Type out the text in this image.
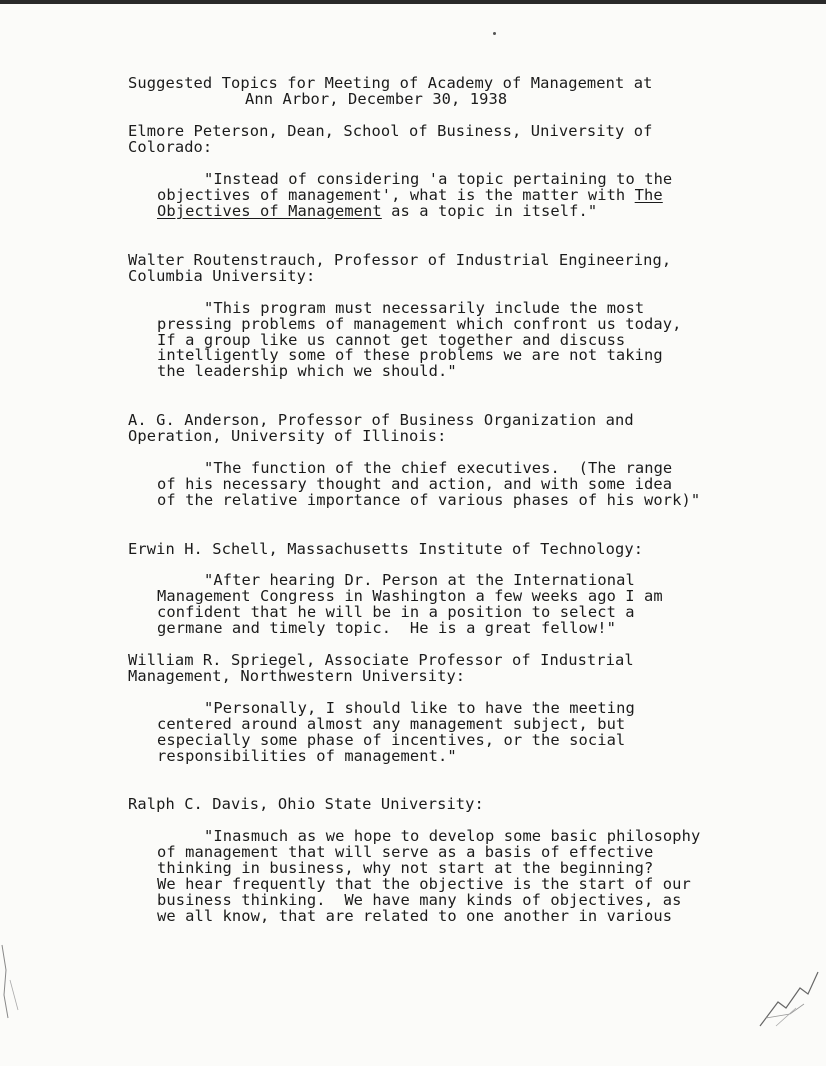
Suggested Topics for Meeting of Academy of Management at
Ann Arbor, December 30, 1938
Elmore Peterson, Dean, School of Business, University of
Colorado:
"Instead of considering 'a topic pertaining to the
objectives of management', what is the matter with The
Objectives of Management as a topic in itself."
Walter Routenstrauch, Professor of Industrial Engineering,
Columbia University:
"This program must necessarily include the most
pressing problems of management which confront us today,
If a group like us cannot get together and discuss
intelligently some of these problems we are not taking
the leadership which we should."
A. G. Anderson, Professor of Business Organization and
Operation, University of Illinois:
"The function of the chief executives.  (The range
of his necessary thought and action, and with some idea
of the relative importance of various phases of his work)"
Erwin H. Schell, Massachusetts Institute of Technology:
"After hearing Dr. Person at the International
Management Congress in Washington a few weeks ago I am
confident that he will be in a position to select a
germane and timely topic.  He is a great fellow!"
William R. Spriegel, Associate Professor of Industrial
Management, Northwestern University:
"Personally, I should like to have the meeting
centered around almost any management subject, but
especially some phase of incentives, or the social
responsibilities of management."
Ralph C. Davis, Ohio State University:
"Inasmuch as we hope to develop some basic philosophy
of management that will serve as a basis of effective
thinking in business, why not start at the beginning?
We hear frequently that the objective is the start of our
business thinking.  We have many kinds of objectives, as
we all know, that are related to one another in various
